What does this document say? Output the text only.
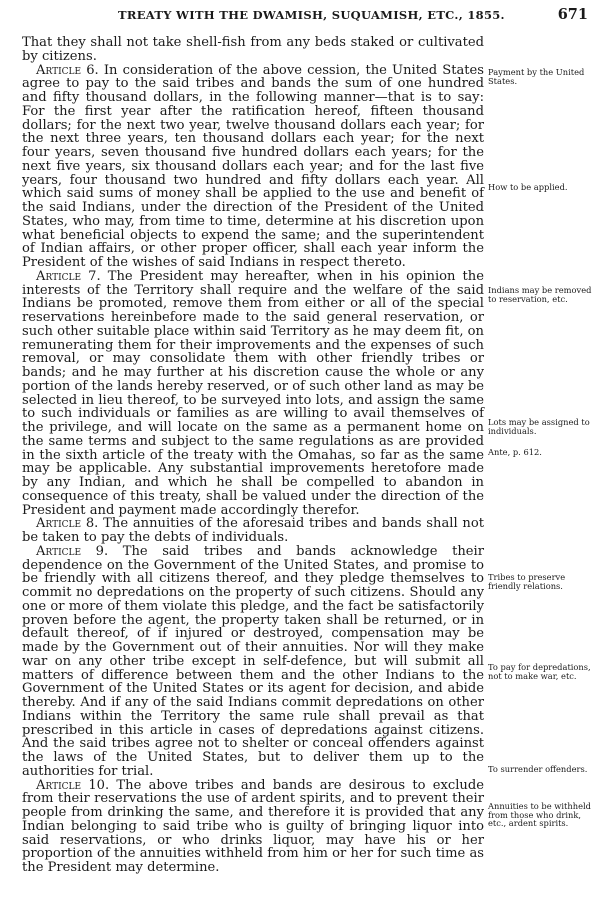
TREATY WITH THE DWAMISH, SUQUAMISH, ETC., 1855.	671

That they shall not take shell-fish from any beds staked or cultivated by citizens.

Article 6. In consideration of the above cession, the United States agree to pay to the said tribes and bands the sum of one hundred and fifty thousand dollars, in the following manner—that is to say: For the first year after the ratification hereof, fifteen thousand dollars; for the next two year, twelve thousand dollars each year; for the next three years, ten thousand dollars each year; for the next four years, seven thousand five hundred dollars each years; for the next five years, six thousand dollars each year; and for the last five years, four thousand two hundred and fifty dollars each year. All which said sums of money shall be applied to the use and benefit of the said Indians, under the direction of the President of the United States, who may, from time to time, determine at his discretion upon what beneficial objects to expend the same; and the superintendent of Indian affairs, or other proper officer, shall each year inform the President of the wishes of said Indians in respect thereto.

Article 7. The President may hereafter, when in his opinion the interests of the Territory shall require and the welfare of the said Indians be promoted, remove them from either or all of the special reservations hereinbefore made to the said general reservation, or such other suitable place within said Territory as he may deem fit, on remunerating them for their improvements and the expenses of such removal, or may consolidate them with other friendly tribes or bands; and he may further at his discretion cause the whole or any portion of the lands hereby reserved, or of such other land as may be selected in lieu thereof, to be surveyed into lots, and assign the same to such individuals or families as are willing to avail themselves of the privilege, and will locate on the same as a permanent home on the same terms and subject to the same regulations as are provided in the sixth article of the treaty with the Omahas, so far as the same may be applicable. Any substantial improvements heretofore made by any Indian, and which he shall be compelled to abandon in consequence of this treaty, shall be valued under the direction of the President and payment made accordingly therefor.

Article 8. The annuities of the aforesaid tribes and bands shall not be taken to pay the debts of individuals.

Article 9. The said tribes and bands acknowledge their dependence on the Government of the United States, and promise to be friendly with all citizens thereof, and they pledge themselves to commit no depredations on the property of such citizens. Should any one or more of them violate this pledge, and the fact be satisfactorily proven before the agent, the property taken shall be returned, or in default thereof, of if injured or destroyed, compensation may be made by the Government out of their annuities. Nor will they make war on any other tribe except in self-defence, but will submit all matters of difference between them and the other Indians to the Government of the United States or its agent for decision, and abide thereby. And if any of the said Indians commit depredations on other Indians within the Territory the same rule shall prevail as that prescribed in this article in cases of depredations against citizens. And the said tribes agree not to shelter or conceal offenders against the laws of the United States, but to deliver them up to the authorities for trial.

Article 10. The above tribes and bands are desirous to exclude from their reservations the use of ardent spirits, and to prevent their people from drinking the same, and therefore it is provided that any Indian belonging to said tribe who is guilty of bringing liquor into said reservations, or who drinks liquor, may have his or her proportion of the annuities withheld from him or her for such time as the President may determine.

Payment by the United States.
How to be applied.
Indians may be removed to reservation, etc.
Lots may be assigned to individuals.
Ante, p. 612.
Tribes to preserve friendly relations.
To pay for depredations, not to make war, etc.
To surrender offenders.
Annuities to be withheld from those who drink, etc., ardent spirits.
